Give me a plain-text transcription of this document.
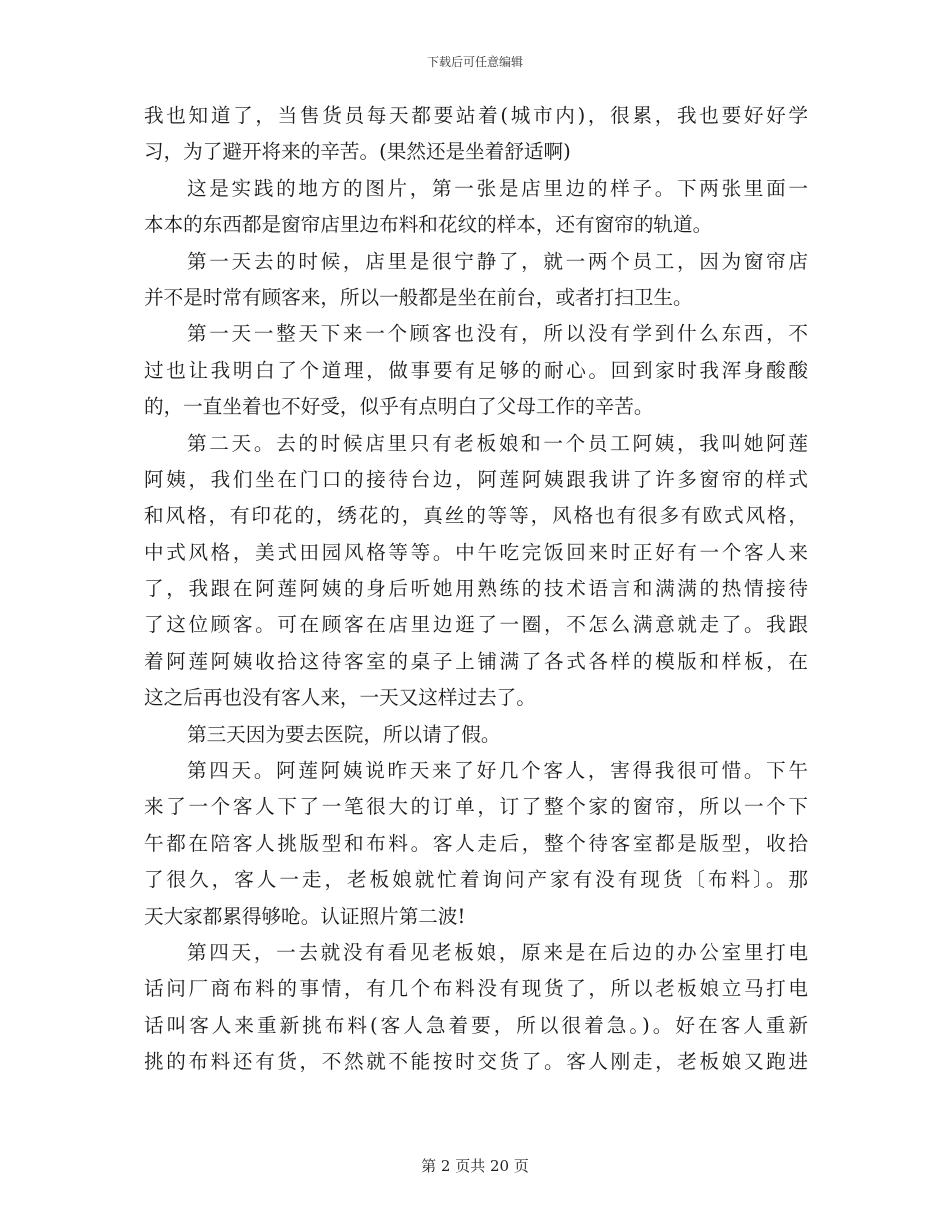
下载后可任意编辑
我也知道了，当售货员每天都要站着(城市内)，很累，我也要好好学
习，为了避开将来的辛苦。(果然还是坐着舒适啊)
这是实践的地方的图片，第一张是店里边的样子。下两张里面一
本本的东西都是窗帘店里边布料和花纹的样本，还有窗帘的轨道。
第一天去的时候，店里是很宁静了，就一两个员工，因为窗帘店
并不是时常有顾客来，所以一般都是坐在前台，或者打扫卫生。
第一天一整天下来一个顾客也没有，所以没有学到什么东西，不
过也让我明白了个道理，做事要有足够的耐心。回到家时我浑身酸酸
的，一直坐着也不好受，似乎有点明白了父母工作的辛苦。
第二天。去的时候店里只有老板娘和一个员工阿姨，我叫她阿莲
阿姨，我们坐在门口的接待台边，阿莲阿姨跟我讲了许多窗帘的样式
和风格，有印花的，绣花的，真丝的等等，风格也有很多有欧式风格，
中式风格，美式田园风格等等。中午吃完饭回来时正好有一个客人来
了，我跟在阿莲阿姨的身后听她用熟练的技术语言和满满的热情接待
了这位顾客。可在顾客在店里边逛了一圈，不怎么满意就走了。我跟
着阿莲阿姨收拾这待客室的桌子上铺满了各式各样的模版和样板，在
这之后再也没有客人来，一天又这样过去了。
第三天因为要去医院，所以请了假。
第四天。阿莲阿姨说昨天来了好几个客人，害得我很可惜。下午
来了一个客人下了一笔很大的订单，订了整个家的窗帘，所以一个下
午都在陪客人挑版型和布料。客人走后，整个待客室都是版型，收拾
了很久，客人一走，老板娘就忙着询问产家有没有现货〔布料〕。那
天大家都累得够呛。认证照片第二波!
第四天，一去就没有看见老板娘，原来是在后边的办公室里打电
话问厂商布料的事情，有几个布料没有现货了，所以老板娘立马打电
话叫客人来重新挑布料(客人急着要，所以很着急。)。好在客人重新
挑的布料还有货，不然就不能按时交货了。客人刚走，老板娘又跑进
第 2 页共 20 页
